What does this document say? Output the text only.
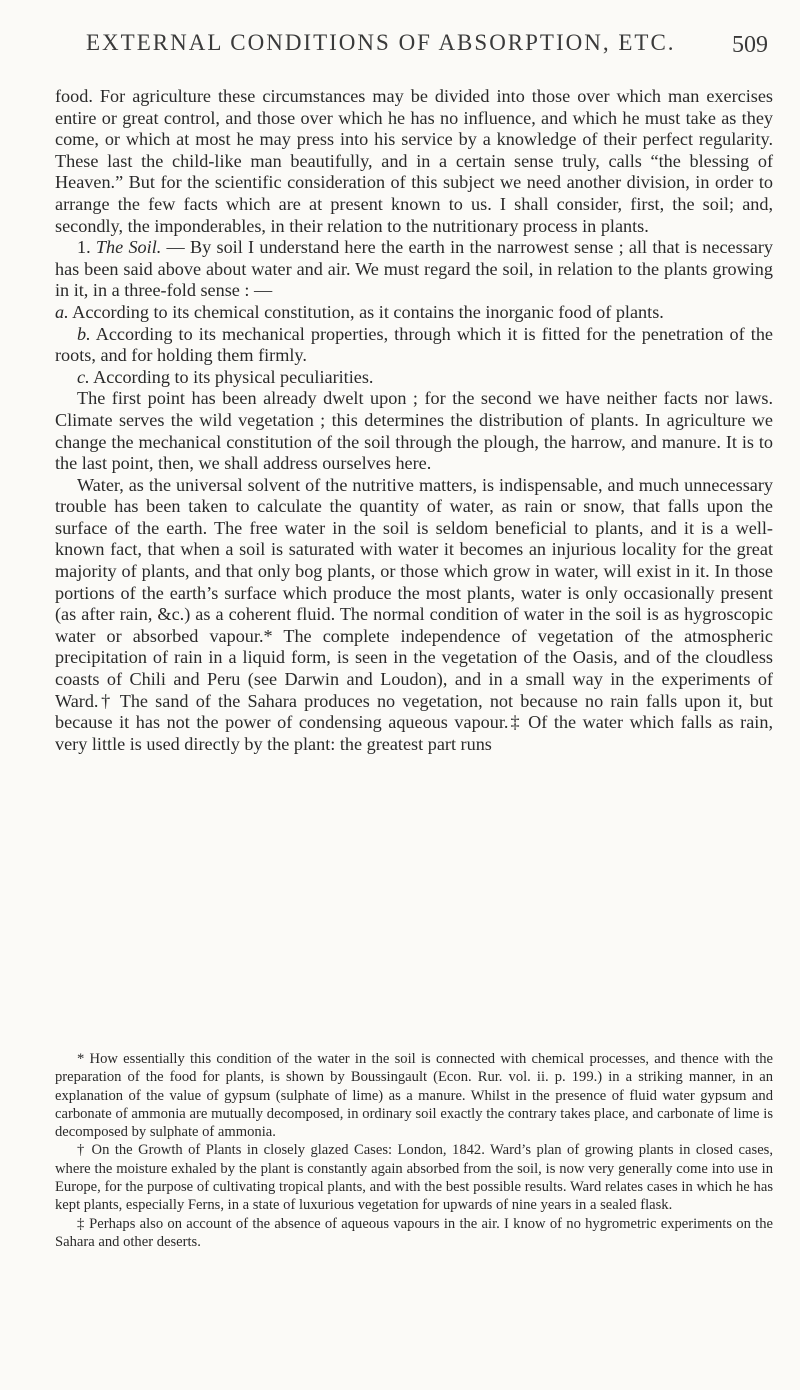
EXTERNAL CONDITIONS OF ABSORPTION, ETC. 509

food. For agriculture these circumstances may be divided into those over which man exercises entire or great control, and those over which he has no influence, and which he must take as they come, or which at most he may press into his service by a knowledge of their perfect regularity. These last the child-like man beautifully, and in a certain sense truly, calls “the blessing of Heaven.” But for the scientific consideration of this subject we need another division, in order to arrange the few facts which are at present known to us. I shall consider, first, the soil; and, secondly, the imponderables, in their relation to the nutritionary process in plants.

1. The Soil. — By soil I understand here the earth in the narrowest sense ; all that is necessary has been said above about water and air. We must regard the soil, in relation to the plants growing in it, in a three-fold sense : —

a. According to its chemical constitution, as it contains the inorganic food of plants.

b. According to its mechanical properties, through which it is fitted for the penetration of the roots, and for holding them firmly.

c. According to its physical peculiarities.

The first point has been already dwelt upon ; for the second we have neither facts nor laws. Climate serves the wild vegetation ; this determines the distribution of plants. In agriculture we change the mechanical constitution of the soil through the plough, the harrow, and manure. It is to the last point, then, we shall address ourselves here.

Water, as the universal solvent of the nutritive matters, is indispensable, and much unnecessary trouble has been taken to calculate the quantity of water, as rain or snow, that falls upon the surface of the earth. The free water in the soil is seldom beneficial to plants, and it is a well-known fact, that when a soil is saturated with water it becomes an injurious locality for the great majority of plants, and that only bog plants, or those which grow in water, will exist in it. In those portions of the earth’s surface which produce the most plants, water is only occasionally present (as after rain, &c.) as a coherent fluid. The normal condition of water in the soil is as hygroscopic water or absorbed vapour.* The complete independence of vegetation of the atmospheric precipitation of rain in a liquid form, is seen in the vegetation of the Oasis, and of the cloudless coasts of Chili and Peru (see Darwin and Loudon), and in a small way in the experiments of Ward.† The sand of the Sahara produces no vegetation, not because no rain falls upon it, but because it has not the power of condensing aqueous vapour.‡ Of the water which falls as rain, very little is used directly by the plant: the greatest part runs

* How essentially this condition of the water in the soil is connected with chemical processes, and thence with the preparation of the food for plants, is shown by Boussingault (Econ. Rur. vol. ii. p. 199.) in a striking manner, in an explanation of the value of gypsum (sulphate of lime) as a manure. Whilst in the presence of fluid water gypsum and carbonate of ammonia are mutually decomposed, in ordinary soil exactly the contrary takes place, and carbonate of lime is decomposed by sulphate of ammonia.

† On the Growth of Plants in closely glazed Cases: London, 1842. Ward’s plan of growing plants in closed cases, where the moisture exhaled by the plant is constantly again absorbed from the soil, is now very generally come into use in Europe, for the purpose of cultivating tropical plants, and with the best possible results. Ward relates cases in which he has kept plants, especially Ferns, in a state of luxurious vegetation for upwards of nine years in a sealed flask.

‡ Perhaps also on account of the absence of aqueous vapours in the air. I know of no hygrometric experiments on the Sahara and other deserts.
